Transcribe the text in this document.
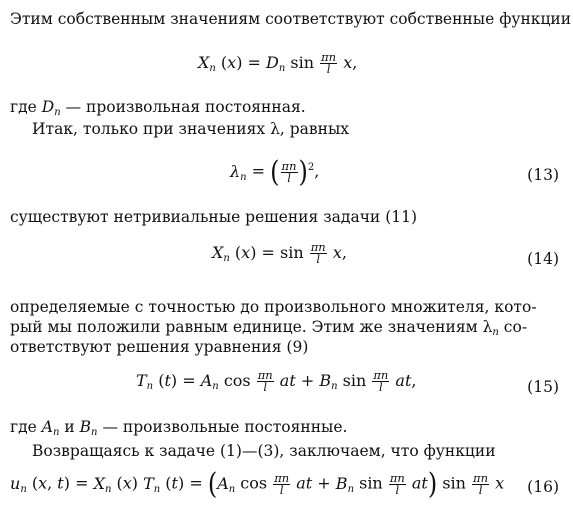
Этим собственным значениям соответствуют собственные функции
$X_n$ $(x) = D_n$ $\sin \frac{\pi n}{l} x$,
где $D_n$ — произвольная постоянная.
Итак, только при значениях λ, равных
$\lambda_n$ = ( $\frac{\pi n}{l} )^2$,	(13)
существуют нетривиальные решения задачи (11)
$X_n$ $(x) = \sin \frac{\pi n}{l} x$,	(14)
определяемые с точностью до произвольного множителя, кото-
рый мы положили равным единице. Этим же значениям $\lambda_n$ со-
ответствуют решения уравнения (9)
$T_n$ $(t) = A_n$ $\cos \frac{\pi n}{l}$ at + $B_n$ $\sin \frac{\pi n}{l}$ at,	(15)
где $A_n$ и $B_n$ — произвольные постоянные.
Возвращаясь к задаче (1)—(3), заключаем, что функции
$u_n$ (x, $t) = X_n$ (x) $T_n$ $(t) = (A_n$ $\cos \frac{\pi n}{l}$ at + $B_n$ $\sin \frac{\pi n}{l} at$) $\sin \frac{\pi n}{l}$ x (16)
